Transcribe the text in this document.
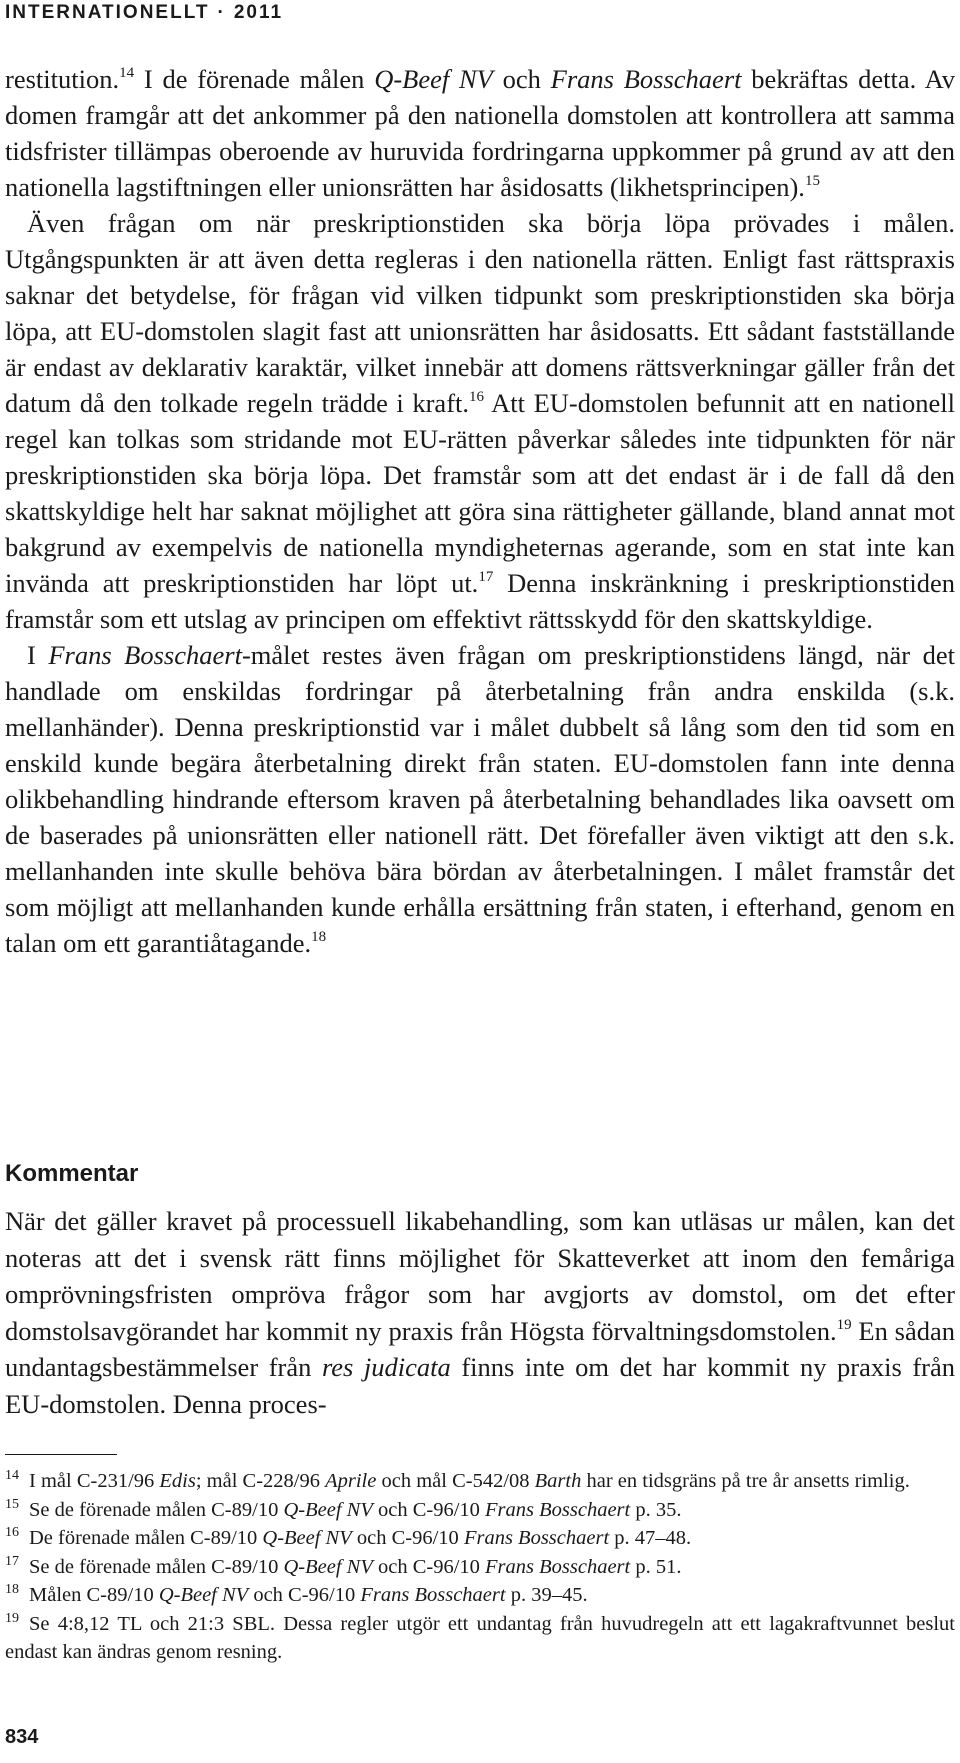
INTERNATIONELLT · 2011

restitution.$^{14}$ I de förenade målen Q-Beef NV och Frans Bosschaert bekräftas detta. Av domen framgår att det ankommer på den nationella domstolen att kontrollera att samma tidsfrister tillämpas oberoende av huruvida fordringarna uppkommer på grund av att den nationella lagstiftningen eller unionsrätten har åsidosatts (likhetsprincipen).$^{15}$

Även frågan om när preskriptionstiden ska börja löpa prövades i målen. Utgångspunkten är att även detta regleras i den nationella rätten. Enligt fast rättspraxis saknar det betydelse, för frågan vid vilken tidpunkt som preskriptionstiden ska börja löpa, att EU-domstolen slagit fast att unionsrätten har åsidosatts. Ett sådant fastställande är endast av deklarativ karaktär, vilket innebär att domens rättsverkningar gäller från det datum då den tolkade regeln trädde i kraft.$^{16}$ Att EU-domstolen befunnit att en nationell regel kan tolkas som stridande mot EU-rätten påverkar således inte tidpunkten för när preskriptionstiden ska börja löpa. Det framstår som att det endast är i de fall då den skattskyldige helt har saknat möjlighet att göra sina rättigheter gällande, bland annat mot bakgrund av exempelvis de nationella myndigheternas agerande, som en stat inte kan invända att preskriptionstiden har löpt ut.$^{17}$ Denna inskränkning i preskriptionstiden framstår som ett utslag av principen om effektivt rättsskydd för den skattskyldige.

I Frans Bosschaert-målet restes även frågan om preskriptionstidens längd, när det handlade om enskildas fordringar på återbetalning från andra enskilda (s.k. mellanhänder). Denna preskriptionstid var i målet dubbelt så lång som den tid som en enskild kunde begära återbetalning direkt från staten. EU-domstolen fann inte denna olikbehandling hindrande eftersom kraven på återbetalning behandlades lika oavsett om de baserades på unionsrätten eller nationell rätt. Det förefaller även viktigt att den s.k. mellanhanden inte skulle behöva bära bördan av återbetalningen. I målet framstår det som möjligt att mellanhanden kunde erhålla ersättning från staten, i efterhand, genom en talan om ett garantiåtagande.$^{18}$

Kommentar

När det gäller kravet på processuell likabehandling, som kan utläsas ur målen, kan det noteras att det i svensk rätt finns möjlighet för Skatteverket att inom den femåriga omprövningsfristen ompröva frågor som har avgjorts av domstol, om det efter domstolsavgörandet har kommit ny praxis från Högsta förvaltningsdomstolen.$^{19}$ En sådan undantagsbestämmelser från res judicata finns inte om det har kommit ny praxis från EU-domstolen. Denna proces-

$^{14}$ I mål C-231/96 Edis; mål C-228/96 Aprile och mål C-542/08 Barth har en tidsgräns på tre år ansetts rimlig.

$^{15}$ Se de förenade målen C-89/10 Q-Beef NV och C-96/10 Frans Bosschaert p. 35.

$^{16}$ De förenade målen C-89/10 Q-Beef NV och C-96/10 Frans Bosschaert p. 47–48.

$^{17}$ Se de förenade målen C-89/10 Q-Beef NV och C-96/10 Frans Bosschaert p. 51.

$^{18}$ Målen C-89/10 Q-Beef NV och C-96/10 Frans Bosschaert p. 39–45.

$^{19}$ Se 4:8,12 TL och 21:3 SBL. Dessa regler utgör ett undantag från huvudregeln att ett lagakraftvunnet beslut endast kan ändras genom resning.

834
